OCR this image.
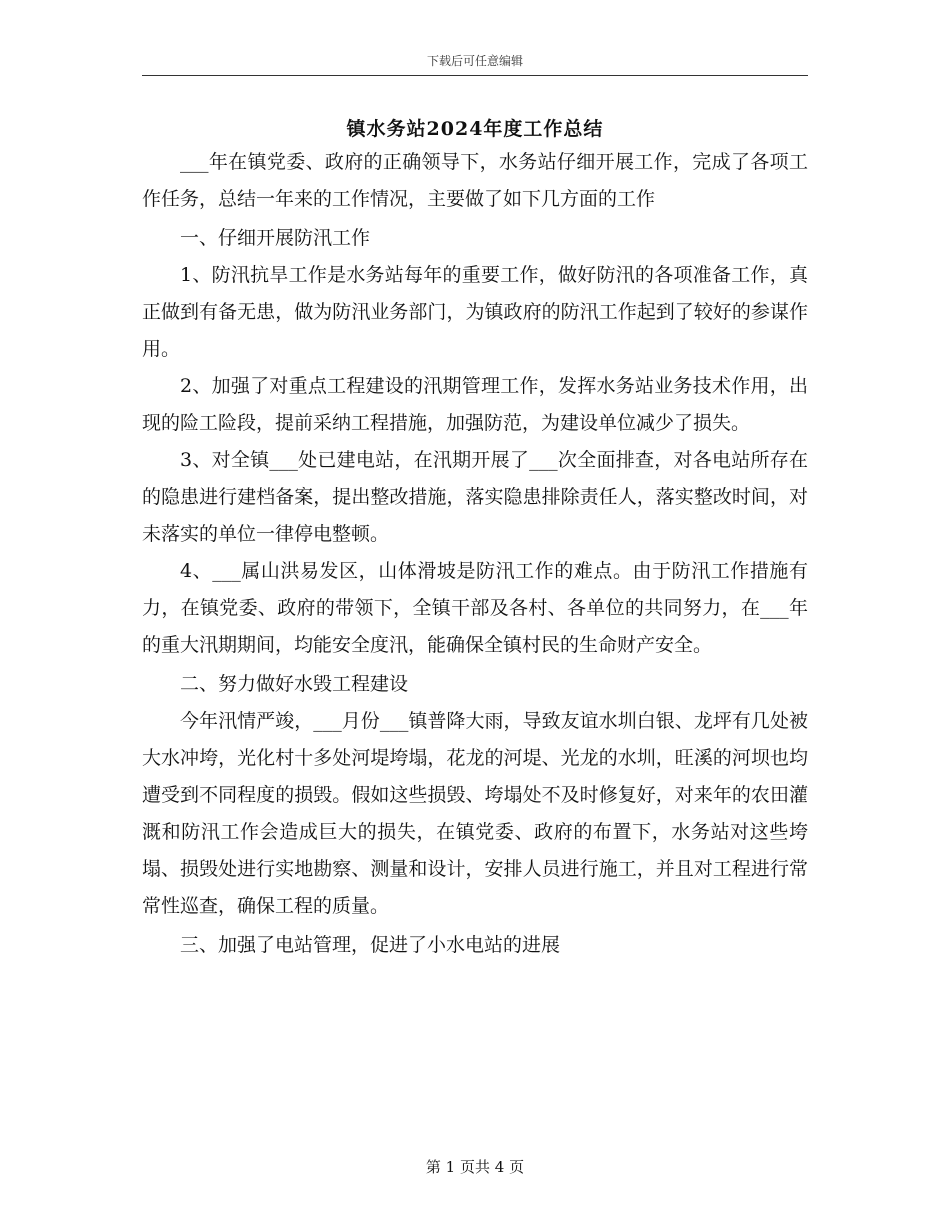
下载后可任意编辑
镇水务站2024年度工作总结

___年在镇党委、政府的正确领导下，水务站仔细开展工作，完成了各项工作任务，总结一年来的工作情况，主要做了如下几方面的工作

一、仔细开展防汛工作

1、防汛抗旱工作是水务站每年的重要工作，做好防汛的各项准备工作，真正做到有备无患，做为防汛业务部门，为镇政府的防汛工作起到了较好的参谋作用。

2、加强了对重点工程建设的汛期管理工作，发挥水务站业务技术作用，出现的险工险段，提前采纳工程措施，加强防范，为建设单位减少了损失。

3、对全镇___处已建电站，在汛期开展了___次全面排查，对各电站所存在的隐患进行建档备案，提出整改措施，落实隐患排除责任人，落实整改时间，对未落实的单位一律停电整顿。

4、___属山洪易发区，山体滑坡是防汛工作的难点。由于防汛工作措施有力，在镇党委、政府的带领下，全镇干部及各村、各单位的共同努力，在___年的重大汛期期间，均能安全度汛，能确保全镇村民的生命财产安全。

二、努力做好水毁工程建设

今年汛情严竣，___月份___镇普降大雨，导致友谊水圳白银、龙坪有几处被大水冲垮，光化村十多处河堤垮塌，花龙的河堤、光龙的水圳，旺溪的河坝也均遭受到不同程度的损毁。假如这些损毁、垮塌处不及时修复好，对来年的农田灌溉和防汛工作会造成巨大的损失，在镇党委、政府的布置下，水务站对这些垮塌、损毁处进行实地勘察、测量和设计，安排人员进行施工，并且对工程进行常常性巡查，确保工程的质量。

三、加强了电站管理，促进了小水电站的进展

第 1 页共 4 页
